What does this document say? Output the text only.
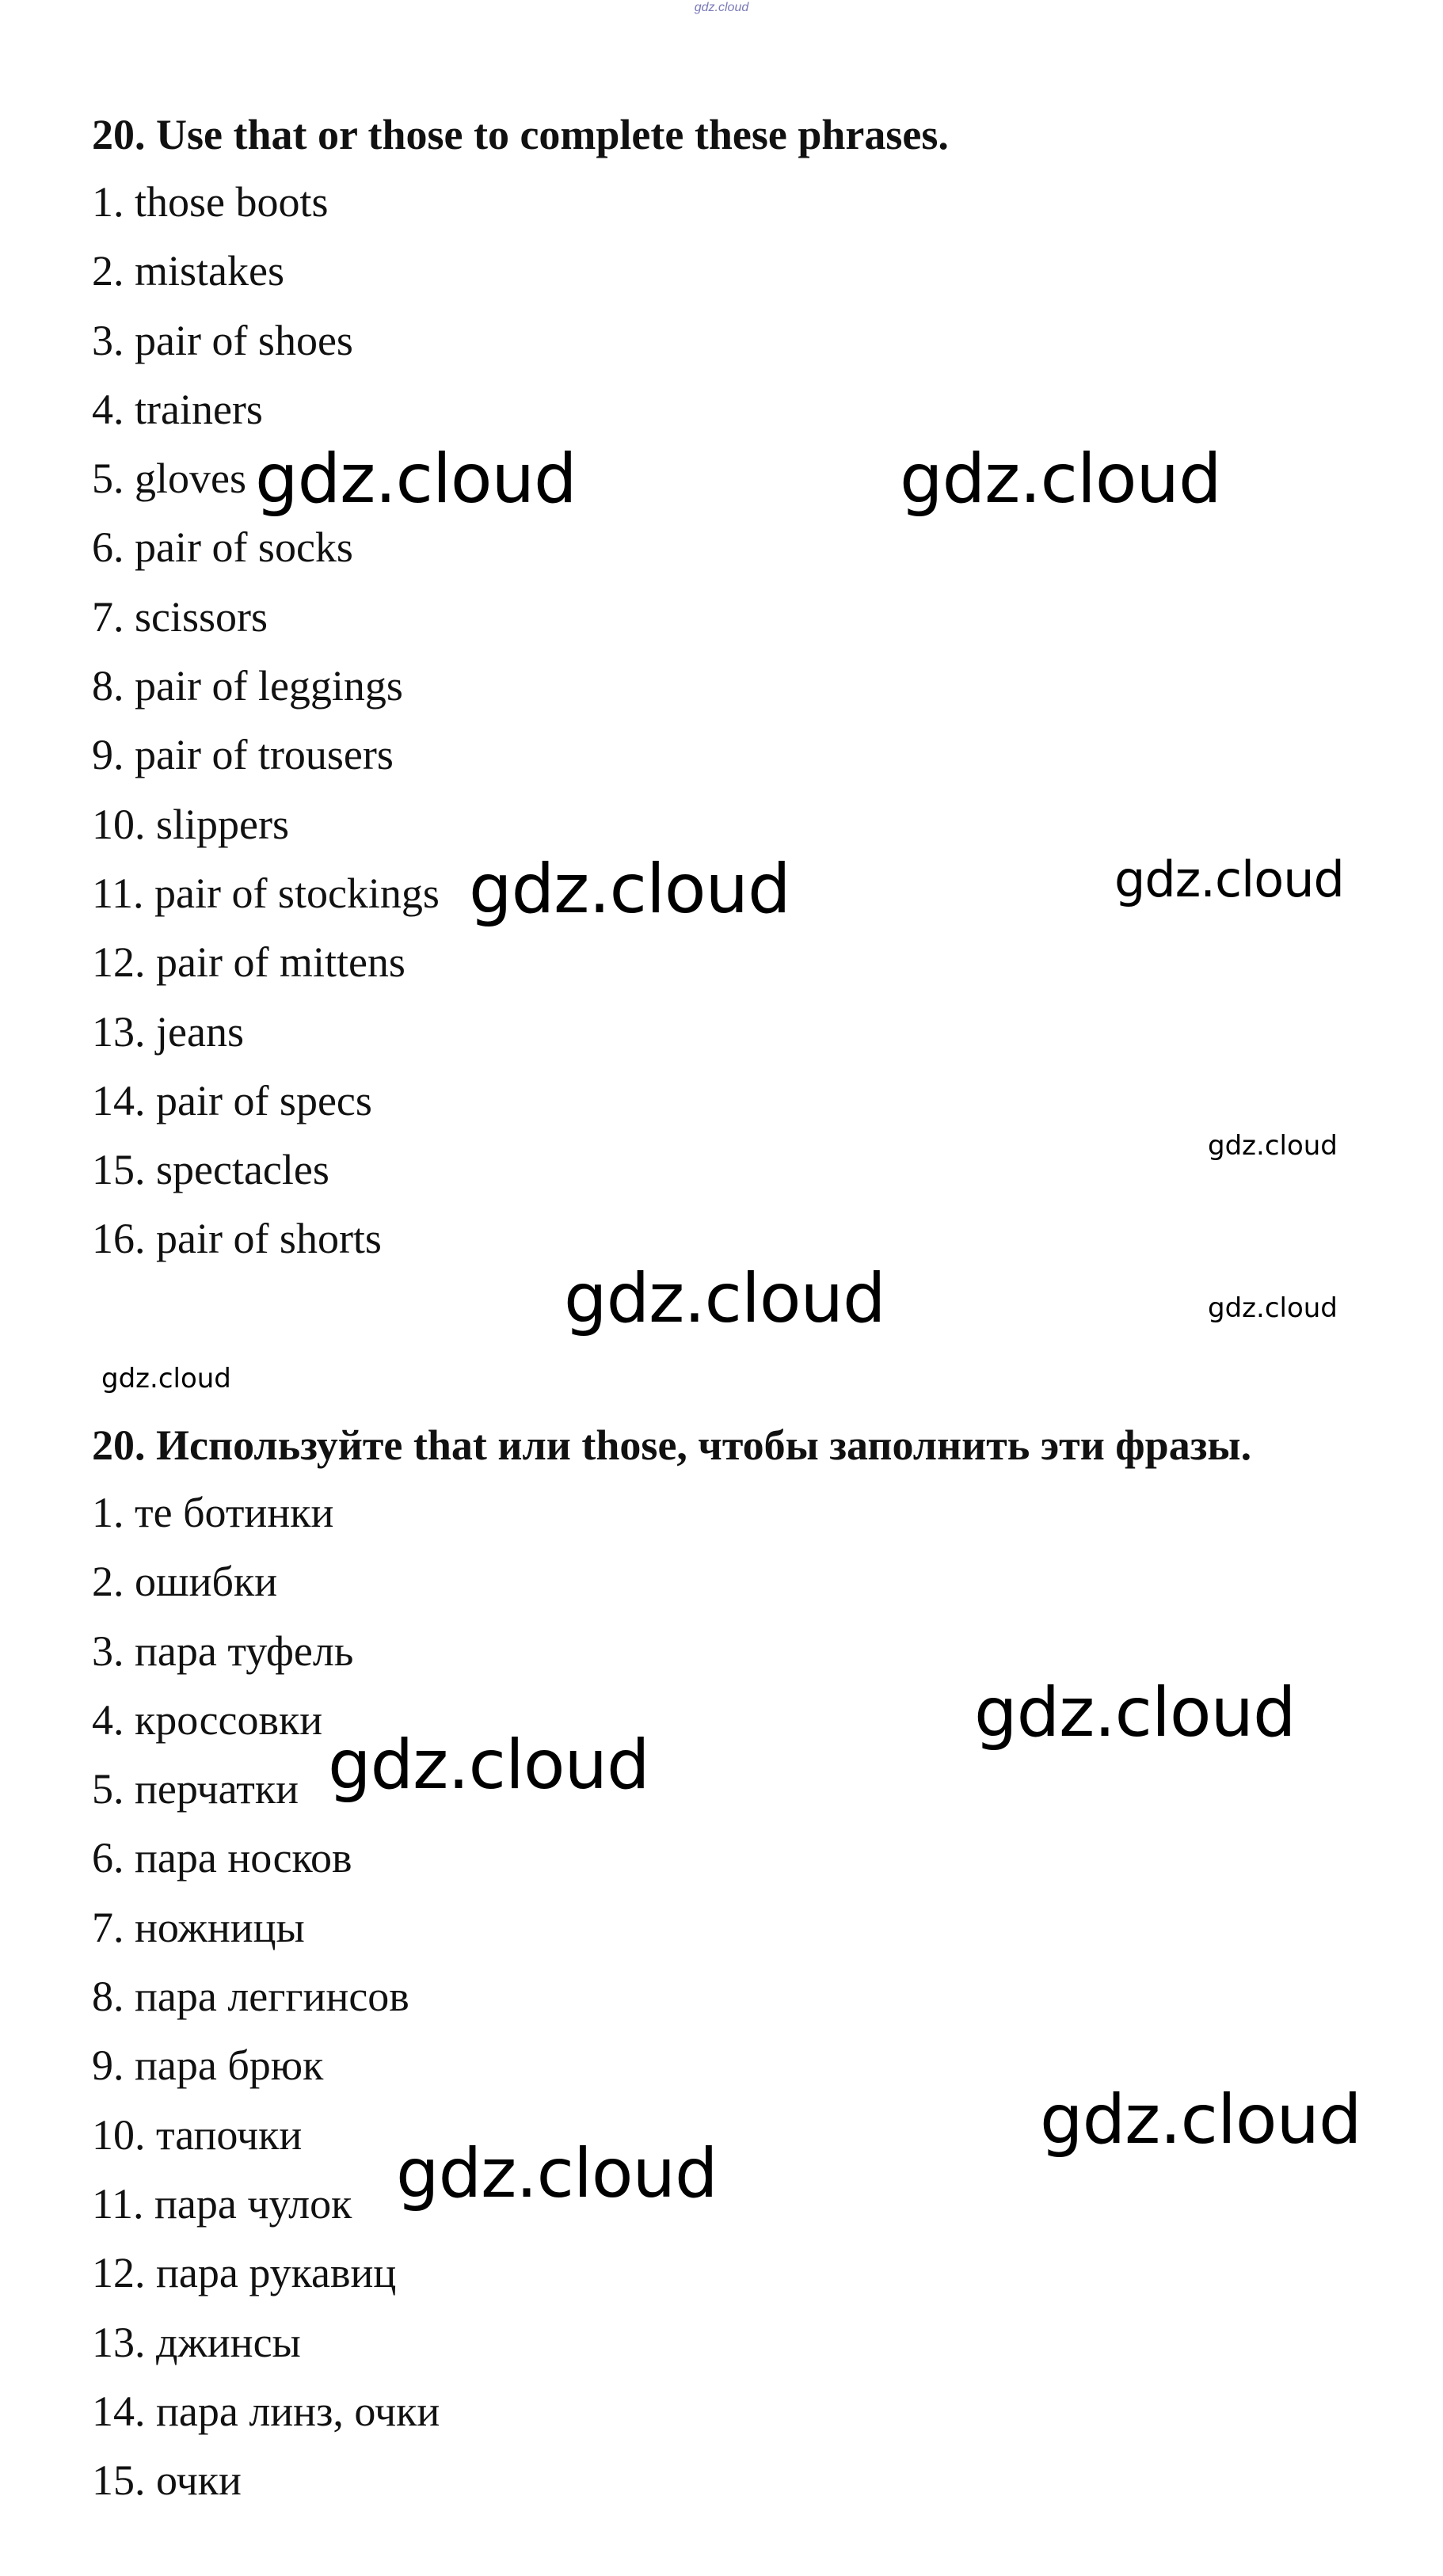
gdz.cloud
20. Use that or those to complete these phrases.
1. those boots
2. mistakes
3. pair of shoes
4. trainers
5. gloves
6. pair of socks
7. scissors
8. pair of leggings
9. pair of trousers
10. slippers
11. pair of stockings
12. pair of mittens
13. jeans
14. pair of specs
15. spectacles
16. pair of shorts
20. Используйте that или those, чтобы заполнить эти фразы.
1. те ботинки
2. ошибки
3. пара туфель
4. кроссовки
5. перчатки
6. пара носков
7. ножницы
8. пара леггинсов
9. пара брюк
10. тапочки
11. пара чулок
12. пара рукавиц
13. джинсы
14. пара линз, очки
15. очки
gdz.cloud	gdz.cloud
gdz.cloud	gdz.cloud
gdz.cloud
gdz.cloud	gdz.cloud
gdz.cloud
gdz.cloud
gdz.cloud
gdz.cloud
gdz.cloud
